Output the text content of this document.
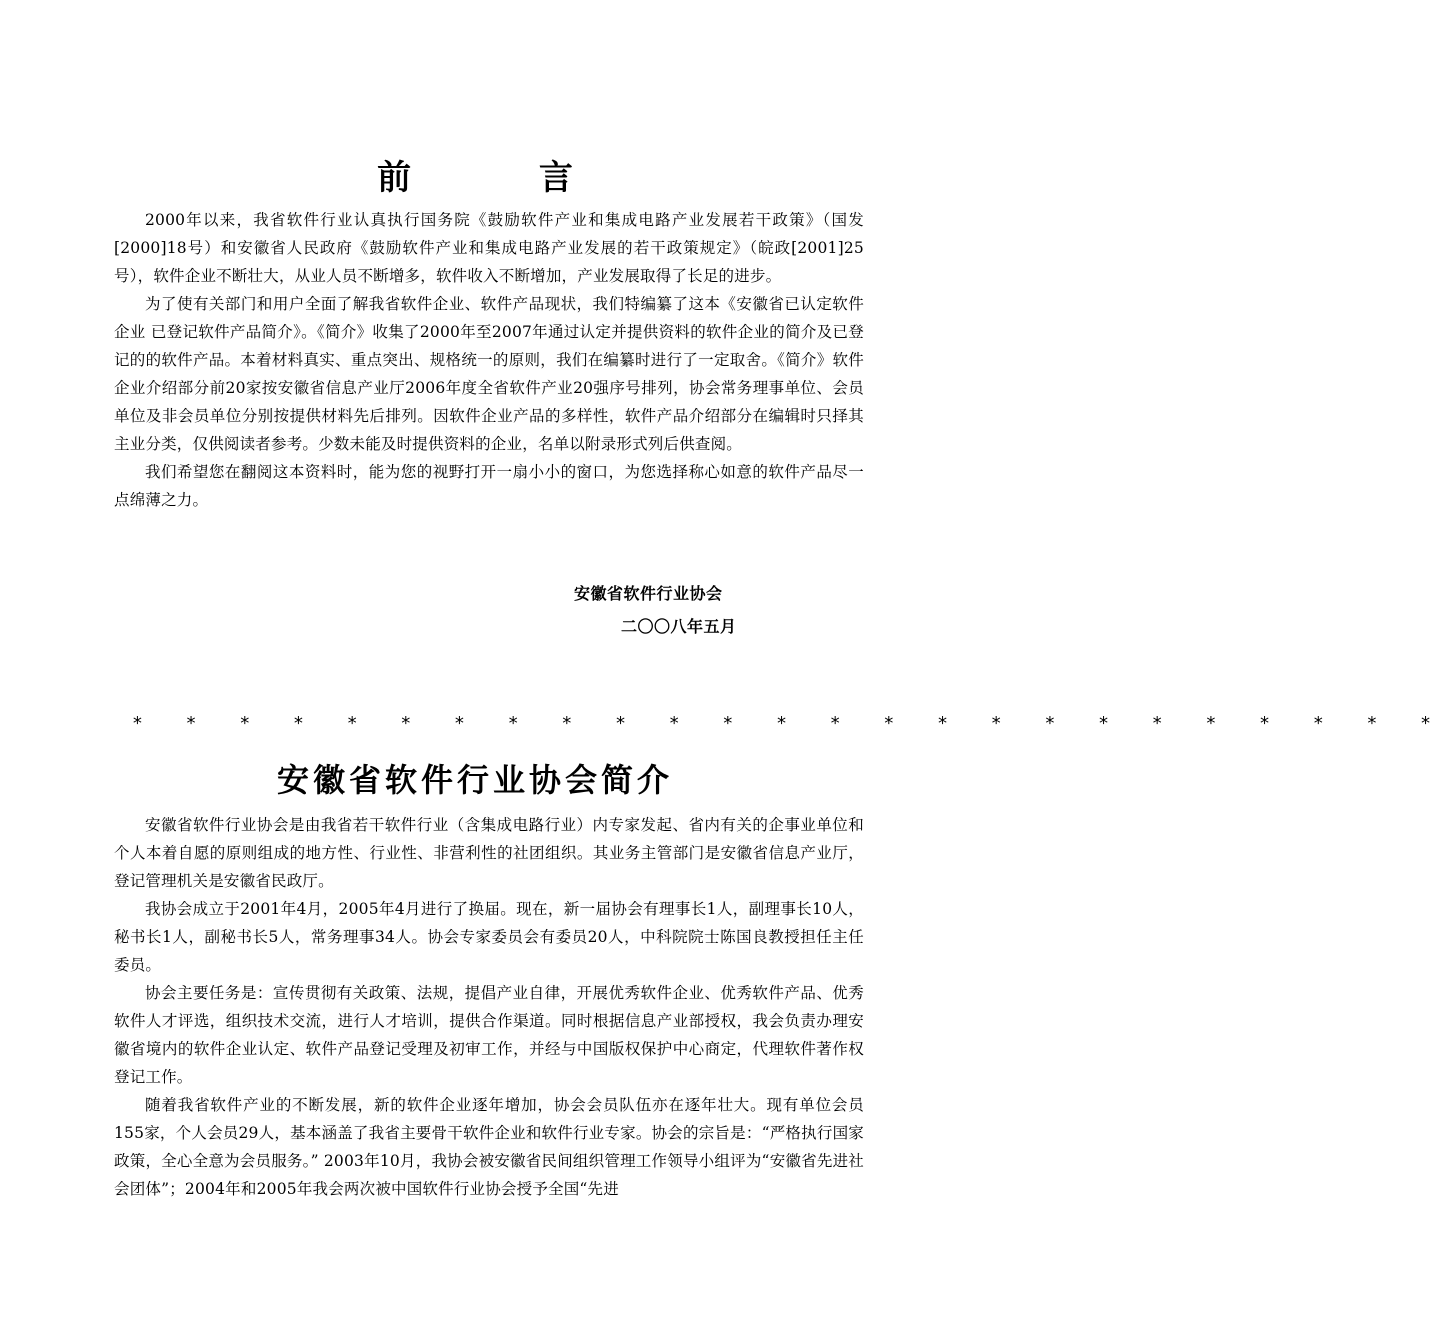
前 言

2000年以来，我省软件行业认真执行国务院《鼓励软件产业和集成电路产业发展若干政策》（国发[2000]18号）和安徽省人民政府《鼓励软件产业和集成电路产业发展的若干政策规定》（皖政[2001]25号），软件企业不断壮大，从业人员不断增多，软件收入不断增加，产业发展取得了长足的进步。

为了使有关部门和用户全面了解我省软件企业、软件产品现状，我们特编纂了这本《安徽省已认定软件企业 已登记软件产品简介》。《简介》收集了2000年至2007年通过认定并提供资料的软件企业的简介及已登记的的软件产品。本着材料真实、重点突出、规格统一的原则，我们在编纂时进行了一定取舍。《简介》软件企业介绍部分前20家按安徽省信息产业厅2006年度全省软件产业20强序号排列，协会常务理事单位、会员单位及非会员单位分别按提供材料先后排列。因软件企业产品的多样性，软件产品介绍部分在编辑时只择其主业分类，仅供阅读者参考。少数未能及时提供资料的企业，名单以附录形式列后供查阅。

我们希望您在翻阅这本资料时，能为您的视野打开一扇小小的窗口，为您选择称心如意的软件产品尽一点绵薄之力。

安徽省软件行业协会
二〇〇八年五月
* * * * * * * * * * * * * * * * * * * * * * * * *
安徽省软件行业协会简介

安徽省软件行业协会是由我省若干软件行业（含集成电路行业）内专家发起、省内有关的企事业单位和个人本着自愿的原则组成的地方性、行业性、非营利性的社团组织。其业务主管部门是安徽省信息产业厅，登记管理机关是安徽省民政厅。

我协会成立于2001年4月，2005年4月进行了换届。现在，新一届协会有理事长1人，副理事长10人，秘书长1人，副秘书长5人，常务理事34人。协会专家委员会有委员20人，中科院院士陈国良教授担任主任委员。

协会主要任务是：宣传贯彻有关政策、法规，提倡产业自律，开展优秀软件企业、优秀软件产品、优秀软件人才评选，组织技术交流，进行人才培训，提供合作渠道。同时根据信息产业部授权，我会负责办理安徽省境内的软件企业认定、软件产品登记受理及初审工作，并经与中国版权保护中心商定，代理软件著作权登记工作。

随着我省软件产业的不断发展，新的软件企业逐年增加，协会会员队伍亦在逐年壮大。现有单位会员155家，个人会员29人，基本涵盖了我省主要骨干软件企业和软件行业专家。协会的宗旨是：“严格执行国家政策，全心全意为会员服务。” 2003年10月，我协会被安徽省民间组织管理工作领导小组评为“安徽省先进社会团体”；2004年和2005年我会两次被中国软件行业协会授予全国“先进
